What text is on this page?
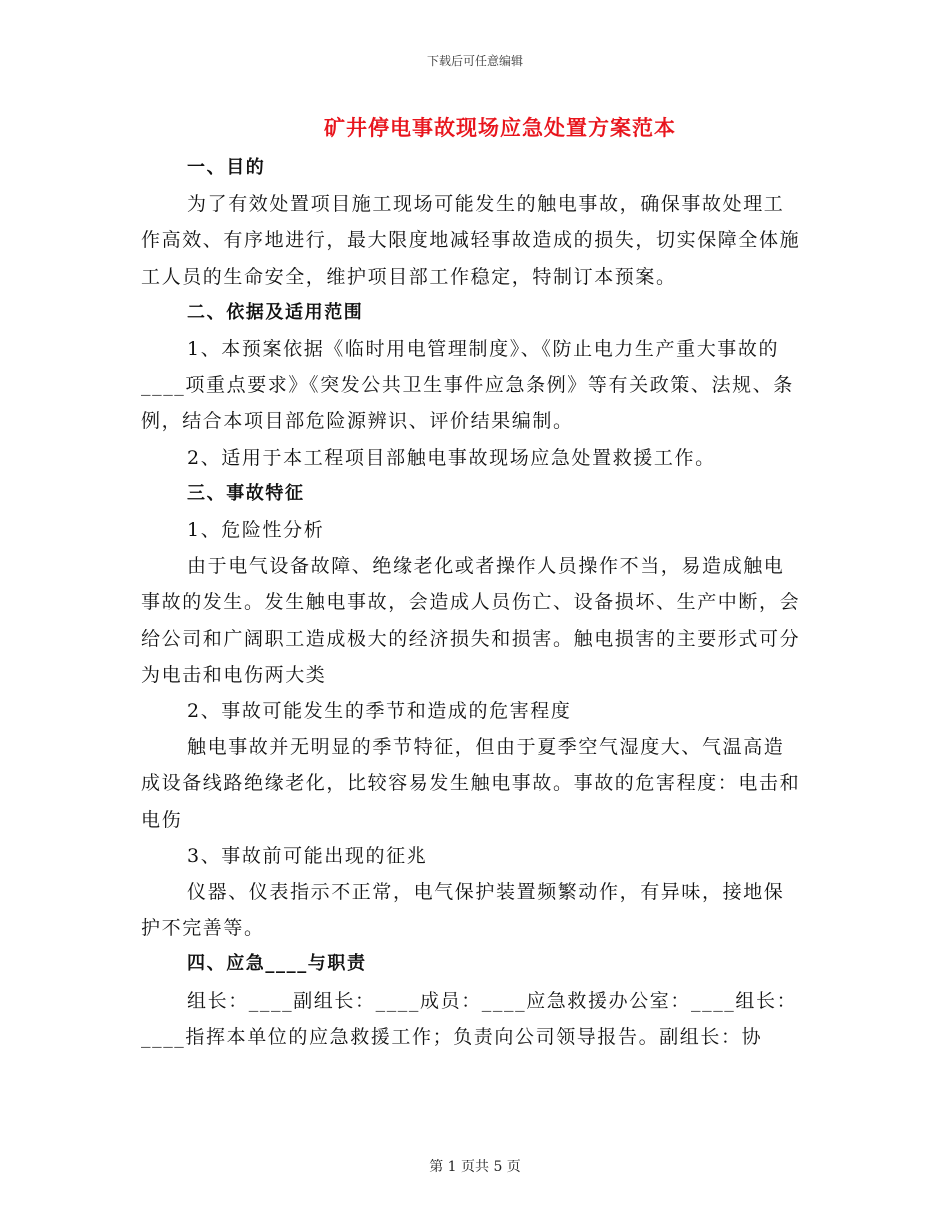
下载后可任意编辑
矿井停电事故现场应急处置方案范本

一、目的

为了有效处置项目施工现场可能发生的触电事故，确保事故处理工作高效、有序地进行，最大限度地减轻事故造成的损失，切实保障全体施工人员的生命安全，维护项目部工作稳定，特制订本预案。

二、依据及适用范围

1、本预案依据《临时用电管理制度》、《防止电力生产重大事故的____项重点要求》《突发公共卫生事件应急条例》等有关政策、法规、条例，结合本项目部危险源辨识、评价结果编制。

2、适用于本工程项目部触电事故现场应急处置救援工作。

三、事故特征

1、危险性分析

由于电气设备故障、绝缘老化或者操作人员操作不当，易造成触电事故的发生。发生触电事故，会造成人员伤亡、设备损坏、生产中断，会给公司和广阔职工造成极大的经济损失和损害。触电损害的主要形式可分为电击和电伤两大类

2、事故可能发生的季节和造成的危害程度

触电事故并无明显的季节特征，但由于夏季空气湿度大、气温高造成设备线路绝缘老化，比较容易发生触电事故。事故的危害程度：电击和电伤

3、事故前可能出现的征兆

仪器、仪表指示不正常，电气保护装置频繁动作，有异味，接地保护不完善等。

四、应急____与职责

组长：____副组长：____成员：____应急救援办公室：____组长：____指挥本单位的应急救援工作；负责向公司领导报告。副组长：协

第 1 页共 5 页
